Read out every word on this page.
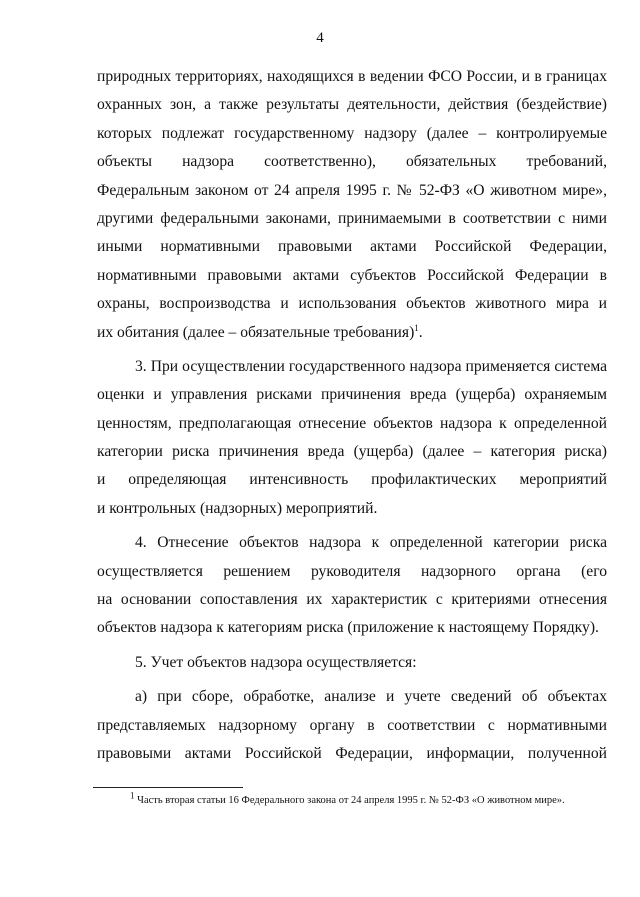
4
природных территориях, находящихся в ведении ФСО России, и в границах
охранных зон, а также результаты деятельности, действия (бездействие)
которых подлежат государственному надзору (далее – контролируемые
объекты надзора соответственно), обязательных требований,
Федеральным законом от 24 апреля 1995 г. № 52-ФЗ «О животном мире»,
другими федеральными законами, принимаемыми в соответствии с ними
иными нормативными правовыми актами Российской Федерации,
нормативными правовыми актами субъектов Российской Федерации в
охраны, воспроизводства и использования объектов животного мира и
их обитания (далее – обязательные требования)$^1$.
3. При осуществлении государственного надзора применяется система
оценки и управления рисками причинения вреда (ущерба) охраняемым
ценностям, предполагающая отнесение объектов надзора к определенной
категории риска причинения вреда (ущерба) (далее – категория риска)
и определяющая интенсивность профилактических мероприятий
и контрольных (надзорных) мероприятий.
4. Отнесение объектов надзора к определенной категории риска
осуществляется решением руководителя надзорного органа (его
на основании сопоставления их характеристик с критериями отнесения
объектов надзора к категориям риска (приложение к настоящему Порядку).
5. Учет объектов надзора осуществляется:
а) при сборе, обработке, анализе и учете сведений об объектах
представляемых надзорному органу в соответствии с нормативными
правовыми актами Российской Федерации, информации, полученной
$^1$ Часть вторая статьи 16 Федерального закона от 24 апреля 1995 г. № 52-ФЗ «О животном мире».
